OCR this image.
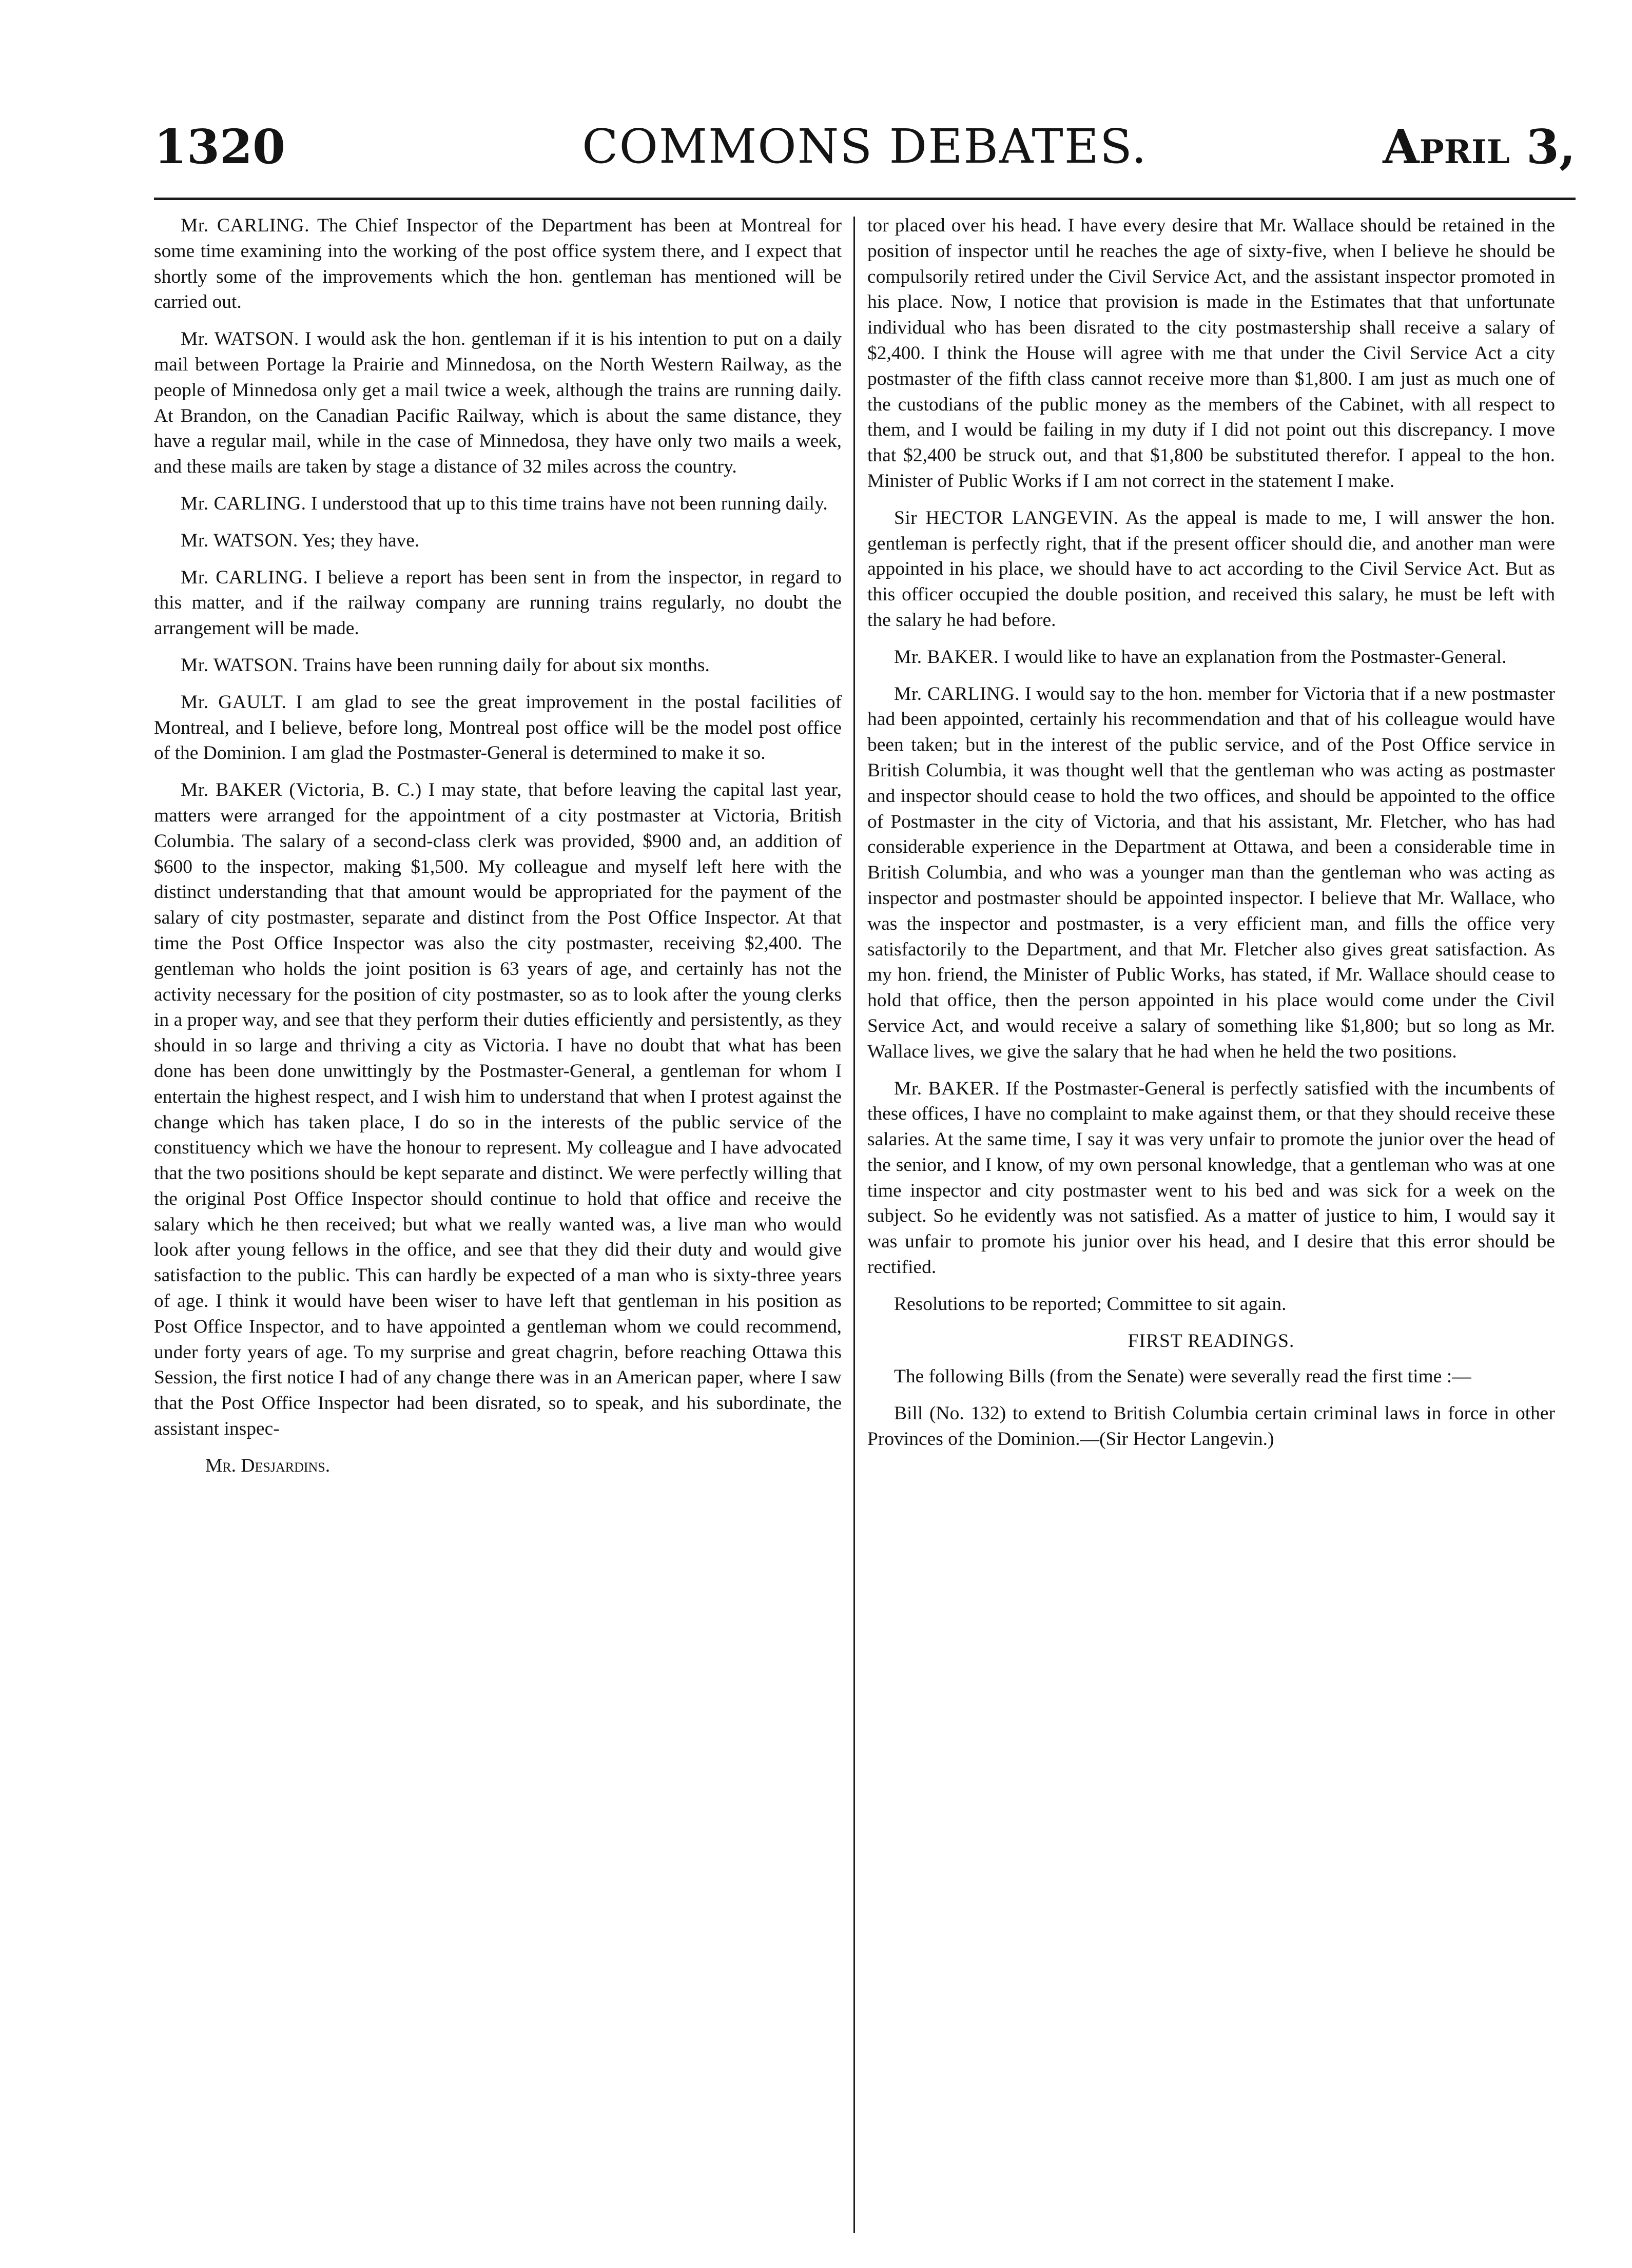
1320	COMMONS DEBATES.	April 3,

Mr. CARLING. The Chief Inspector of the Department has been at Montreal for some time examining into the working of the post office system there, and I expect that shortly some of the improvements which the hon. gentleman has mentioned will be carried out.

Mr. WATSON. I would ask the hon. gentleman if it is his intention to put on a daily mail between Portage la Prairie and Minnedosa, on the North Western Railway, as the people of Minnedosa only get a mail twice a week, although the trains are running daily. At Brandon, on the Canadian Pacific Railway, which is about the same distance, they have a regular mail, while in the case of Minnedosa, they have only two mails a week, and these mails are taken by stage a distance of 32 miles across the country.

Mr. CARLING. I understood that up to this time trains have not been running daily.

Mr. WATSON. Yes; they have.

Mr. CARLING. I believe a report has been sent in from the inspector, in regard to this matter, and if the railway company are running trains regularly, no doubt the arrangement will be made.

Mr. WATSON. Trains have been running daily for about six months.

Mr. GAULT. I am glad to see the great improvement in the postal facilities of Montreal, and I believe, before long, Montreal post office will be the model post office of the Dominion. I am glad the Postmaster-General is determined to make it so.

Mr. BAKER (Victoria, B. C.) I may state, that before leaving the capital last year, matters were arranged for the appointment of a city postmaster at Victoria, British Columbia. The salary of a second-class clerk was provided, $900 and, an addition of $600 to the inspector, making $1,500. My colleague and myself left here with the distinct understanding that that amount would be appropriated for the payment of the salary of city postmaster, separate and distinct from the Post Office Inspector. At that time the Post Office Inspector was also the city postmaster, receiving $2,400. The gentleman who holds the joint position is 63 years of age, and certainly has not the activity necessary for the position of city postmaster, so as to look after the young clerks in a proper way, and see that they perform their duties efficiently and persistently, as they should in so large and thriving a city as Victoria. I have no doubt that what has been done has been done unwittingly by the Postmaster-General, a gentleman for whom I entertain the highest respect, and I wish him to understand that when I protest against the change which has taken place, I do so in the interests of the public service of the constituency which we have the honour to represent. My colleague and I have advocated that the two positions should be kept separate and distinct. We were perfectly willing that the original Post Office Inspector should continue to hold that office and receive the salary which he then received; but what we really wanted was, a live man who would look after young fellows in the office, and see that they did their duty and would give satisfaction to the public. This can hardly be expected of a man who is sixty-three years of age. I think it would have been wiser to have left that gentleman in his position as Post Office Inspector, and to have appointed a gentleman whom we could recommend, under forty years of age. To my surprise and great chagrin, before reaching Ottawa this Session, the first notice I had of any change there was in an American paper, where I saw that the Post Office Inspector had been disrated, so to speak, and his subordinate, the assistant inspec-

Mr. Desjardins.

tor placed over his head. I have every desire that Mr. Wallace should be retained in the position of inspector until he reaches the age of sixty-five, when I believe he should be compulsorily retired under the Civil Service Act, and the assistant inspector promoted in his place. Now, I notice that provision is made in the Estimates that that unfortunate individual who has been disrated to the city postmastership shall receive a salary of $2,400. I think the House will agree with me that under the Civil Service Act a city postmaster of the fifth class cannot receive more than $1,800. I am just as much one of the custodians of the public money as the members of the Cabinet, with all respect to them, and I would be failing in my duty if I did not point out this discrepancy. I move that $2,400 be struck out, and that $1,800 be substituted therefor. I appeal to the hon. Minister of Public Works if I am not correct in the statement I make.

Sir HECTOR LANGEVIN. As the appeal is made to me, I will answer the hon. gentleman is perfectly right, that if the present officer should die, and another man were appointed in his place, we should have to act according to the Civil Service Act. But as this officer occupied the double position, and received this salary, he must be left with the salary he had before.

Mr. BAKER. I would like to have an explanation from the Postmaster-General.

Mr. CARLING. I would say to the hon. member for Victoria that if a new postmaster had been appointed, certainly his recommendation and that of his colleague would have been taken; but in the interest of the public service, and of the Post Office service in British Columbia, it was thought well that the gentleman who was acting as postmaster and inspector should cease to hold the two offices, and should be appointed to the office of Postmaster in the city of Victoria, and that his assistant, Mr. Fletcher, who has had considerable experience in the Department at Ottawa, and been a considerable time in British Columbia, and who was a younger man than the gentleman who was acting as inspector and postmaster should be appointed inspector. I believe that Mr. Wallace, who was the inspector and postmaster, is a very efficient man, and fills the office very satisfactorily to the Department, and that Mr. Fletcher also gives great satisfaction. As my hon. friend, the Minister of Public Works, has stated, if Mr. Wallace should cease to hold that office, then the person appointed in his place would come under the Civil Service Act, and would receive a salary of something like $1,800; but so long as Mr. Wallace lives, we give the salary that he had when he held the two positions.

Mr. BAKER. If the Postmaster-General is perfectly satisfied with the incumbents of these offices, I have no complaint to make against them, or that they should receive these salaries. At the same time, I say it was very unfair to promote the junior over the head of the senior, and I know, of my own personal knowledge, that a gentleman who was at one time inspector and city postmaster went to his bed and was sick for a week on the subject. So he evidently was not satisfied. As a matter of justice to him, I would say it was unfair to promote his junior over his head, and I desire that this error should be rectified.

Resolutions to be reported; Committee to sit again.

FIRST READINGS.

The following Bills (from the Senate) were severally read the first time :—

Bill (No. 132) to extend to British Columbia certain criminal laws in force in other Provinces of the Dominion.—(Sir Hector Langevin.)
